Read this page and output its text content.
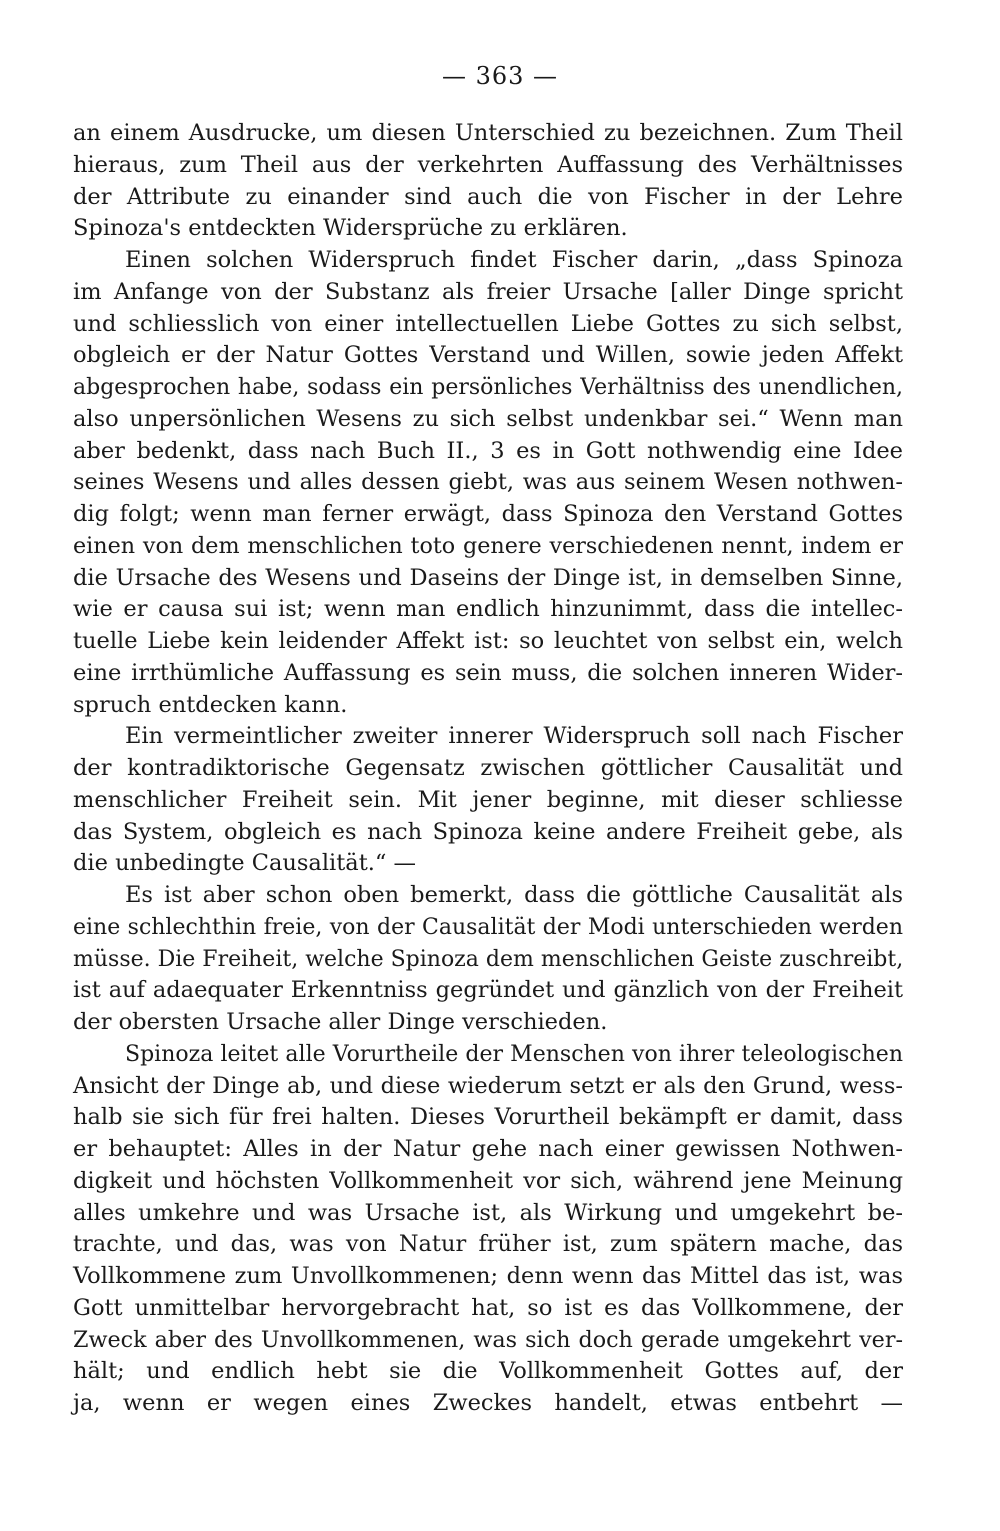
— 363 —
an einem Ausdrucke, um diesen Unterschied zu bezeichnen. Zum Theil
hieraus, zum Theil aus der verkehrten Auffassung des Verhältnisses
der Attribute zu einander sind auch die von Fischer in der Lehre
Spinoza's entdeckten Widersprüche zu erklären.
Einen solchen Widerspruch findet Fischer darin, „dass Spinoza
im Anfange von der Substanz als freier Ursache [aller Dinge spricht
und schliesslich von einer intellectuellen Liebe Gottes zu sich selbst,
obgleich er der Natur Gottes Verstand und Willen, sowie jeden Affekt
abgesprochen habe, sodass ein persönliches Verhältniss des unendlichen,
also unpersönlichen Wesens zu sich selbst undenkbar sei.“ Wenn man
aber bedenkt, dass nach Buch II., 3 es in Gott nothwendig eine Idee
seines Wesens und alles dessen giebt, was aus seinem Wesen nothwen-
dig folgt; wenn man ferner erwägt, dass Spinoza den Verstand Gottes
einen von dem menschlichen toto genere verschiedenen nennt, indem er
die Ursache des Wesens und Daseins der Dinge ist, in demselben Sinne,
wie er causa sui ist; wenn man endlich hinzunimmt, dass die intellec-
tuelle Liebe kein leidender Affekt ist: so leuchtet von selbst ein, welch
eine irrthümliche Auffassung es sein muss, die solchen inneren Wider-
spruch entdecken kann.
Ein vermeintlicher zweiter innerer Widerspruch soll nach Fischer
der kontradiktorische Gegensatz zwischen göttlicher Causalität und
menschlicher Freiheit sein. Mit jener beginne, mit dieser schliesse
das System, obgleich es nach Spinoza keine andere Freiheit gebe, als
die unbedingte Causalität.“ —
Es ist aber schon oben bemerkt, dass die göttliche Causalität als
eine schlechthin freie, von der Causalität der Modi unterschieden werden
müsse. Die Freiheit, welche Spinoza dem menschlichen Geiste zuschreibt,
ist auf adaequater Erkenntniss gegründet und gänzlich von der Freiheit
der obersten Ursache aller Dinge verschieden.
Spinoza leitet alle Vorurtheile der Menschen von ihrer teleologischen
Ansicht der Dinge ab, und diese wiederum setzt er als den Grund, wess-
halb sie sich für frei halten. Dieses Vorurtheil bekämpft er damit, dass
er behauptet: Alles in der Natur gehe nach einer gewissen Nothwen-
digkeit und höchsten Vollkommenheit vor sich, während jene Meinung
alles umkehre und was Ursache ist, als Wirkung und umgekehrt be-
trachte, und das, was von Natur früher ist, zum spätern mache, das
Vollkommene zum Unvollkommenen; denn wenn das Mittel das ist, was
Gott unmittelbar hervorgebracht hat, so ist es das Vollkommene, der
Zweck aber des Unvollkommenen, was sich doch gerade umgekehrt ver-
hält; und endlich hebt sie die Vollkommenheit Gottes auf, der
ja, wenn er wegen eines Zweckes handelt, etwas entbehrt —
